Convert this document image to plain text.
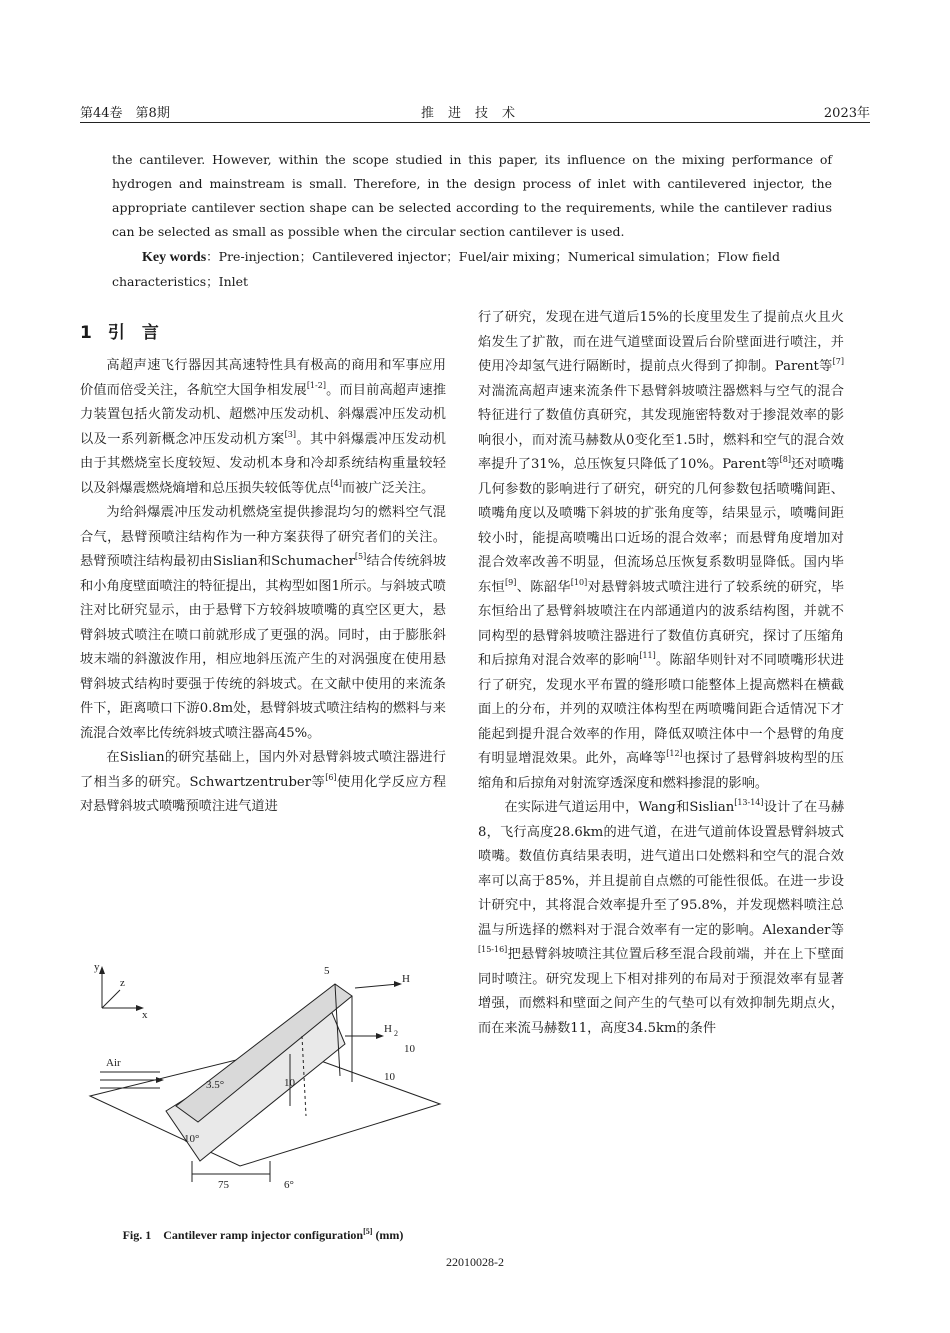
第44卷　第8期	推进技术	2023年
the cantilever. However, within the scope studied in this paper, its influence on the mixing performance of hydrogen and mainstream is small. Therefore, in the design process of inlet with cantilevered injector, the appropriate cantilever section shape can be selected according to the requirements, while the cantilever radius can be selected as small as possible when the circular section cantilever is used.
Key words：Pre-injection；Cantilevered injector；Fuel/air mixing；Numerical simulation；Flow field characteristics；Inlet
1 引　言

高超声速飞行器因其高速特性具有极高的商用和军事应用价值而倍受关注，各航空大国争相发展[1-2]。而目前高超声速推力装置包括火箭发动机、超燃冲压发动机、斜爆震冲压发动机以及一系列新概念冲压发动机方案[3]。其中斜爆震冲压发动机由于其燃烧室长度较短、发动机本身和冷却系统结构重量较轻以及斜爆震燃烧熵增和总压损失较低等优点[4]而被广泛关注。

为给斜爆震冲压发动机燃烧室提供掺混均匀的燃料空气混合气，悬臂预喷注结构作为一种方案获得了研究者们的关注。悬臂预喷注结构最初由Sislian和Schumacher[5]结合传统斜坡和小角度壁面喷注的特征提出，其构型如图1所示。与斜坡式喷注对比研究显示，由于悬臂下方较斜坡喷嘴的真空区更大，悬臂斜坡式喷注在喷口前就形成了更强的涡。同时，由于膨胀斜坡末端的斜激波作用，相应地斜压流产生的对涡强度在使用悬臂斜坡式结构时要强于传统的斜坡式。在文献中使用的来流条件下，距离喷口下游0.8m处，悬臂斜坡式喷注结构的燃料与来流混合效率比传统斜坡式喷注器高45%。

在Sislian的研究基础上，国内外对悬臂斜坡式喷注器进行了相当多的研究。Schwartzentruber等[6]使用化学反应方程对悬臂斜坡式喷嘴预喷注进气道进

y
z
x
Air
H
H 2
5
3.5°
10°
10
10
10
75	6°
Fig. 1　Cantilever ramp injector configuration[5] (mm)

行了研究，发现在进气道后15%的长度里发生了提前点火且火焰发生了扩散，而在进气道壁面设置后台阶壁面进行喷注，并使用冷却氢气进行隔断时，提前点火得到了抑制。Parent等[7]对湍流高超声速来流条件下悬臂斜坡喷注器燃料与空气的混合特征进行了数值仿真研究，其发现施密特数对于掺混效率的影响很小，而对流马赫数从0变化至1.5时，燃料和空气的混合效率提升了31%，总压恢复只降低了10%。Parent等[8]还对喷嘴几何参数的影响进行了研究，研究的几何参数包括喷嘴间距、喷嘴角度以及喷嘴下斜坡的扩张角度等，结果显示，喷嘴间距较小时，能提高喷嘴出口近场的混合效率；而悬臂角度增加对混合效率改善不明显，但流场总压恢复系数明显降低。国内毕东恒[9]、陈韶华[10]对悬臂斜坡式喷注进行了较系统的研究，毕东恒给出了悬臂斜坡喷注在内部通道内的波系结构图，并就不同构型的悬臂斜坡喷注器进行了数值仿真研究，探讨了压缩角和后掠角对混合效率的影响[11]。陈韶华则针对不同喷嘴形状进行了研究，发现水平布置的缝形喷口能整体上提高燃料在横截面上的分布，并列的双喷注体构型在两喷嘴间距合适情况下才能起到提升混合效率的作用，降低双喷注体中一个悬臂的角度有明显增混效果。此外，高峰等[12]也探讨了悬臂斜坡构型的压缩角和后掠角对射流穿透深度和燃料掺混的影响。

在实际进气道运用中，Wang和Sislian[13-14]设计了在马赫8，飞行高度28.6km的进气道，在进气道前体设置悬臂斜坡式喷嘴。数值仿真结果表明，进气道出口处燃料和空气的混合效率可以高于85%，并且提前自点燃的可能性很低。在进一步设计研究中，其将混合效率提升至了95.8%，并发现燃料喷注总温与所选择的燃料对于混合效率有一定的影响。Alexander等[15-16]把悬臂斜坡喷注其位置后移至混合段前端，并在上下壁面同时喷注。研究发现上下相对排列的布局对于预混效率有显著增强，而燃料和壁面之间产生的气垫可以有效抑制先期点火，而在来流马赫数11，高度34.5km的条件

22010028-2
